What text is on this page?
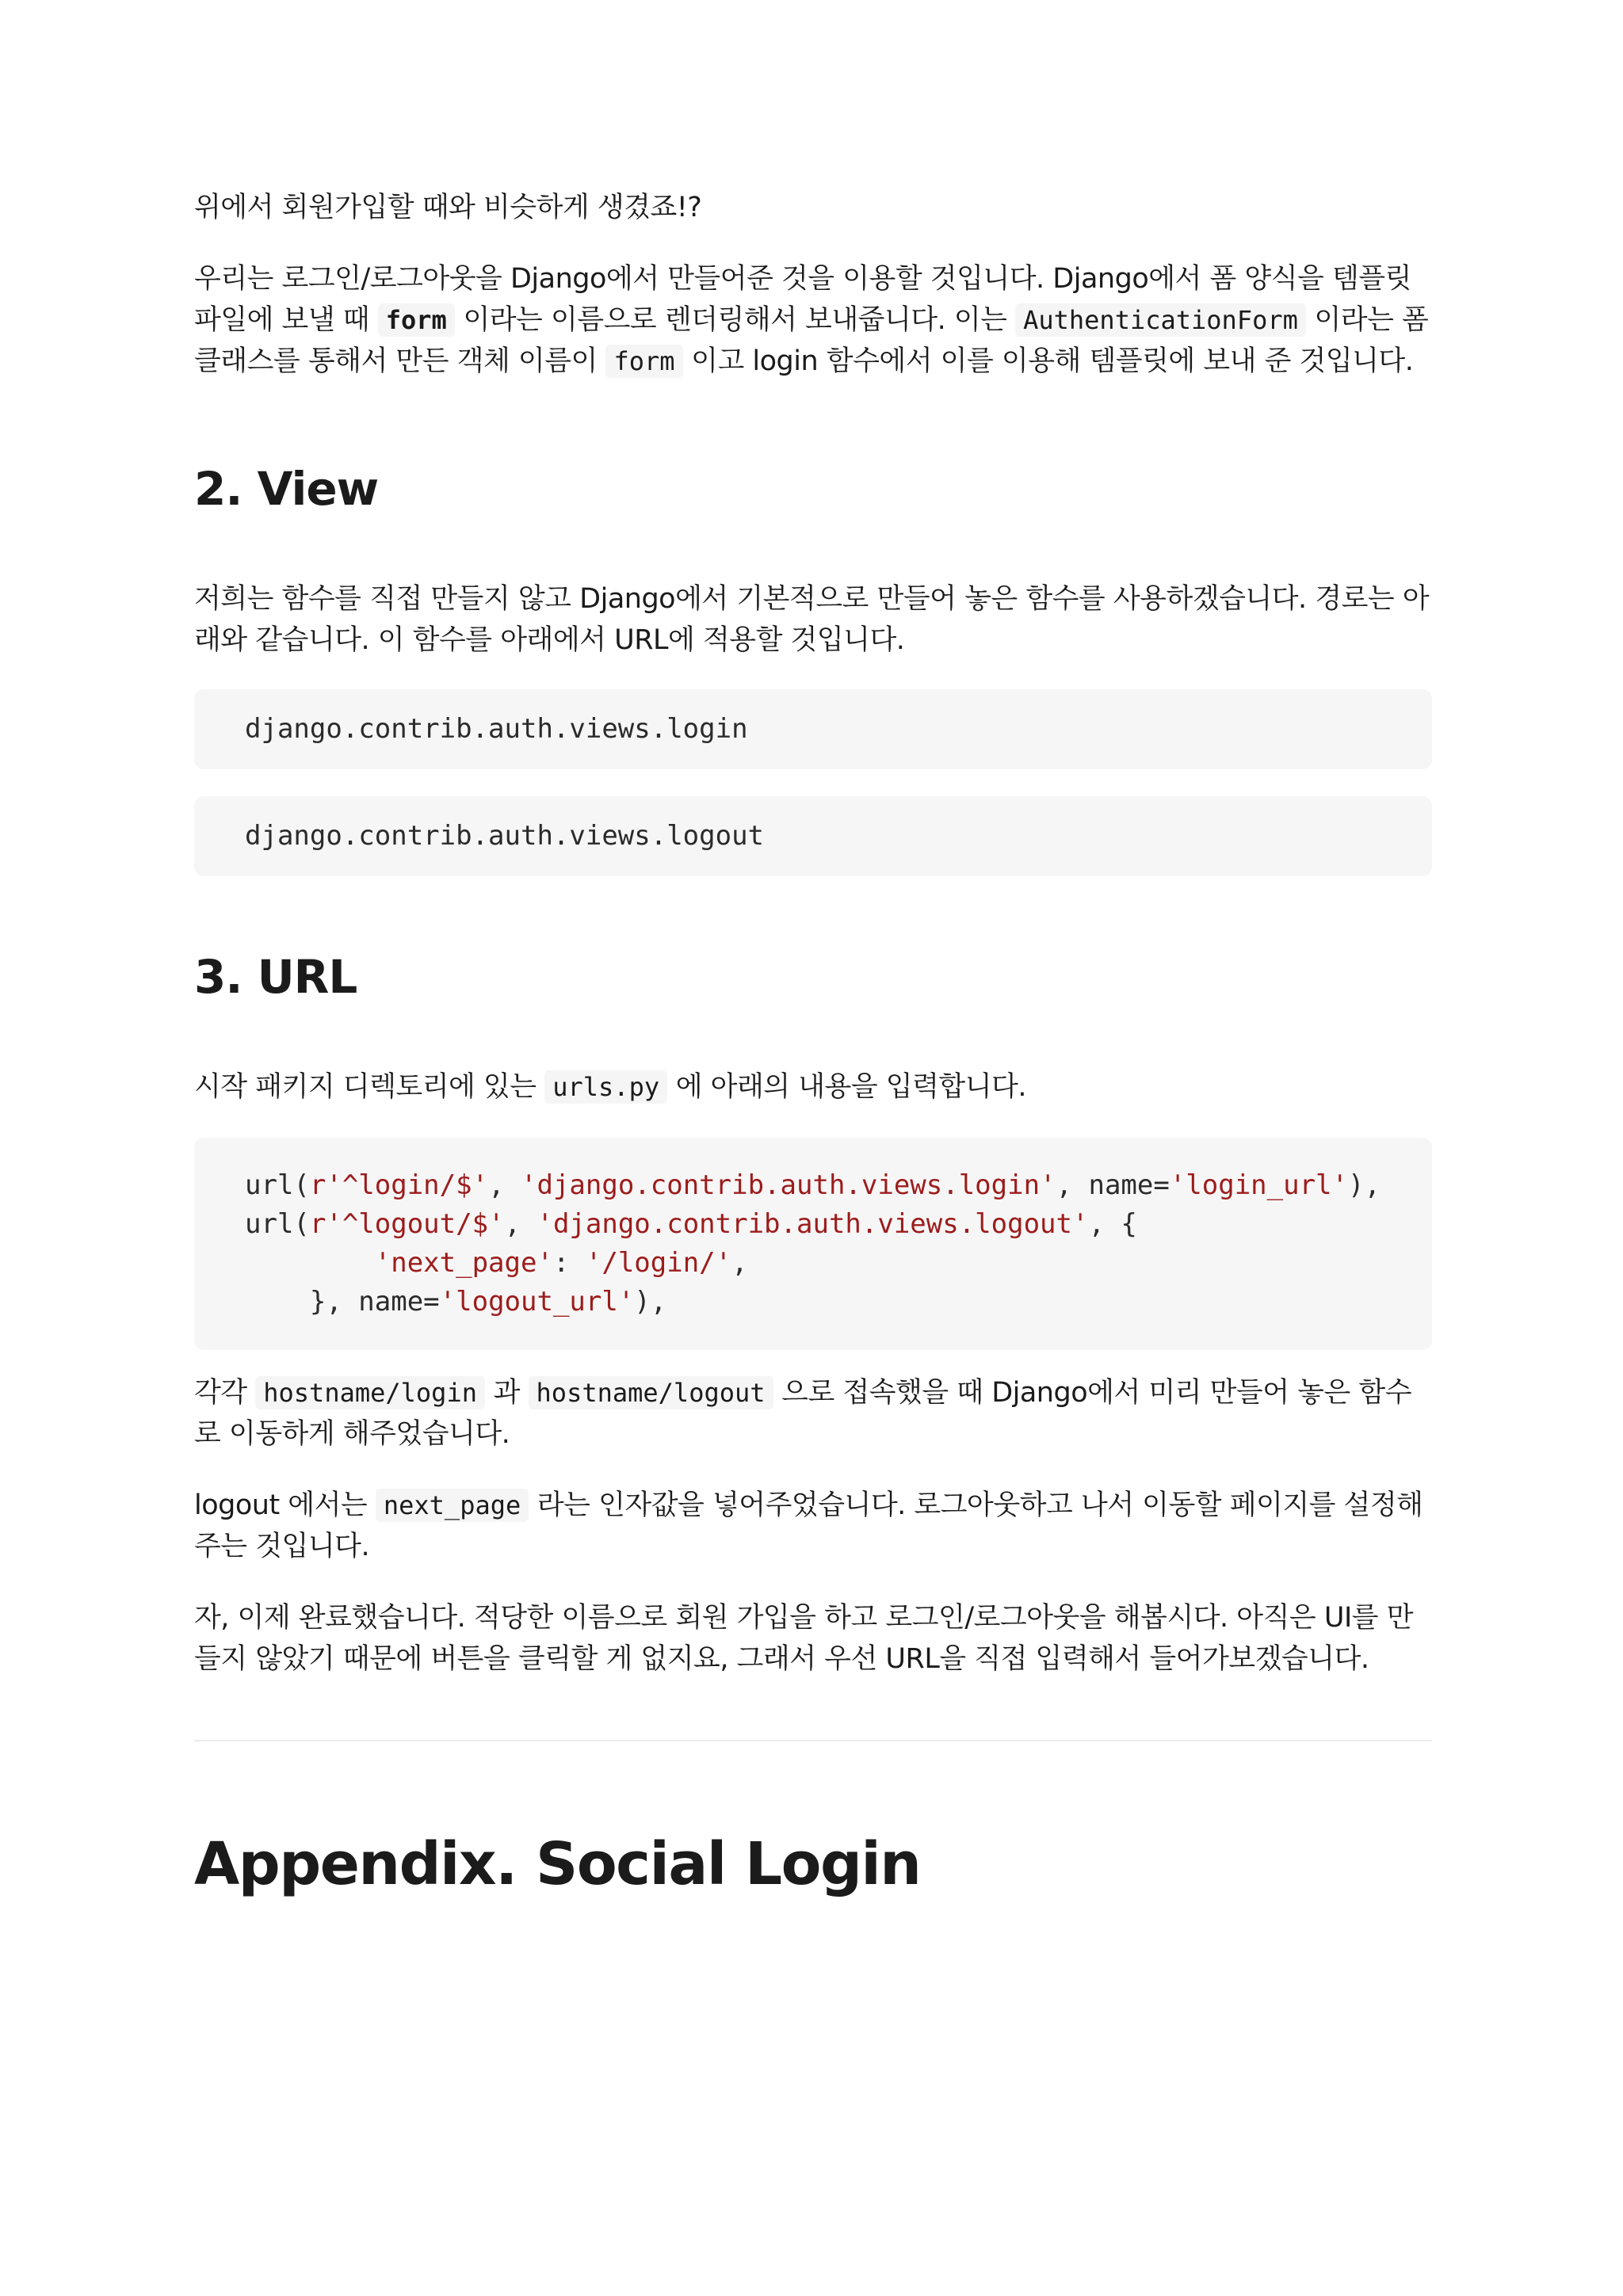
위에서 회원가입할 때와 비슷하게 생겼죠!?

우리는 로그인/로그아웃을 Django에서 만들어준 것을 이용할 것입니다. Django에서 폼 양식을 템플릿 파일에 보낼 때 form 이라는 이름으로 렌더링해서 보내줍니다. 이는 AuthenticationForm 이라는 폼 클래스를 통해서 만든 객체 이름이 form 이고 login 함수에서 이를 이용해 템플릿에 보내 준 것입니다.

2. View

저희는 함수를 직접 만들지 않고 Django에서 기본적으로 만들어 놓은 함수를 사용하겠습니다. 경로는 아래와 같습니다. 이 함수를 아래에서 URL에 적용할 것입니다.

django.contrib.auth.views.login
django.contrib.auth.views.logout
3. URL

시작 패키지 디렉토리에 있는 urls.py 에 아래의 내용을 입력합니다.

url(r'^login/$', 'django.contrib.auth.views.login', name='login_url'),
url(r'^logout/$', 'django.contrib.auth.views.logout', {
'next_page': '/login/',
}, name='logout_url'),

각각 hostname/login 과 hostname/logout 으로 접속했을 때 Django에서 미리 만들어 놓은 함수로 이동하게 해주었습니다.

logout 에서는 next_page 라는 인자값을 넣어주었습니다. 로그아웃하고 나서 이동할 페이지를 설정해주는 것입니다.

자, 이제 완료했습니다. 적당한 이름으로 회원 가입을 하고 로그인/로그아웃을 해봅시다. 아직은 UI를 만들지 않았기 때문에 버튼을 클릭할 게 없지요, 그래서 우선 URL을 직접 입력해서 들어가보겠습니다.

Appendix. Social Login
